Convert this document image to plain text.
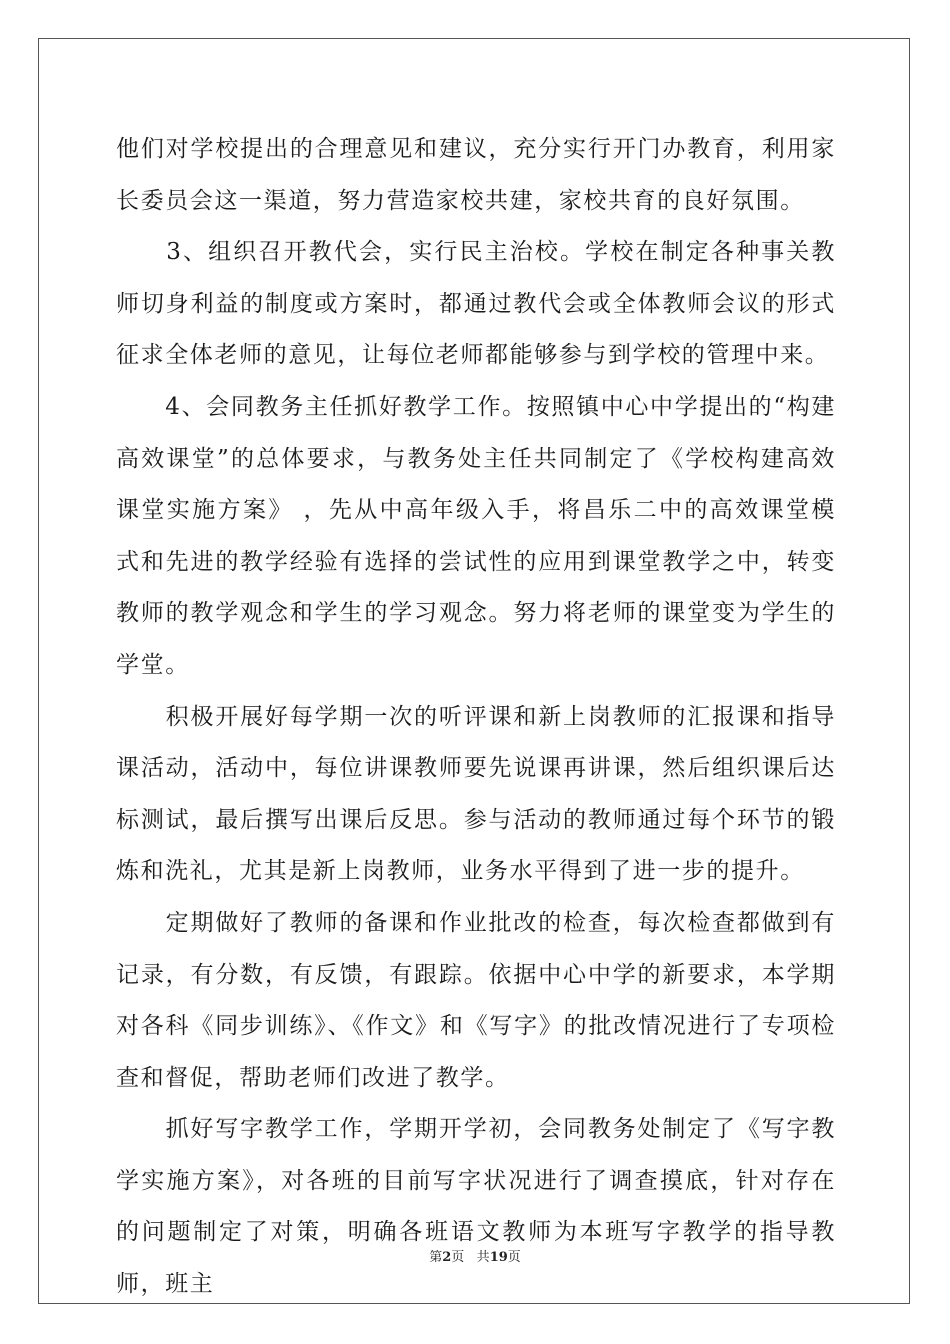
他们对学校提出的合理意见和建议，充分实行开门办教育，利用家长委员会这一渠道，努力营造家校共建，家校共育的良好氛围。

　　3、组织召开教代会，实行民主治校。学校在制定各种事关教师切身利益的制度或方案时，都通过教代会或全体教师会议的形式征求全体老师的意见，让每位老师都能够参与到学校的管理中来。

　　4、会同教务主任抓好教学工作。按照镇中心中学提出的“构建高效课堂”的总体要求，与教务处主任共同制定了《学校构建高效课堂实施方案》 ，先从中高年级入手，将昌乐二中的高效课堂模式和先进的教学经验有选择的尝试性的应用到课堂教学之中，转变教师的教学观念和学生的学习观念。努力将老师的课堂变为学生的学堂。

　　积极开展好每学期一次的听评课和新上岗教师的汇报课和指导课活动，活动中，每位讲课教师要先说课再讲课，然后组织课后达标测试，最后撰写出课后反思。参与活动的教师通过每个环节的锻炼和洗礼，尤其是新上岗教师，业务水平得到了进一步的提升。

　　定期做好了教师的备课和作业批改的检查，每次检查都做到有记录，有分数，有反馈，有跟踪。依据中心中学的新要求，本学期对各科《同步训练》、《作文》和《写字》的批改情况进行了专项检查和督促，帮助老师们改进了教学。

　　抓好写字教学工作，学期开学初，会同教务处制定了《写字教学实施方案》，对各班的目前写字状况进行了调查摸底，针对存在的问题制定了对策，明确各班语文教师为本班写字教学的指导教师，班主

第2页 共19页
